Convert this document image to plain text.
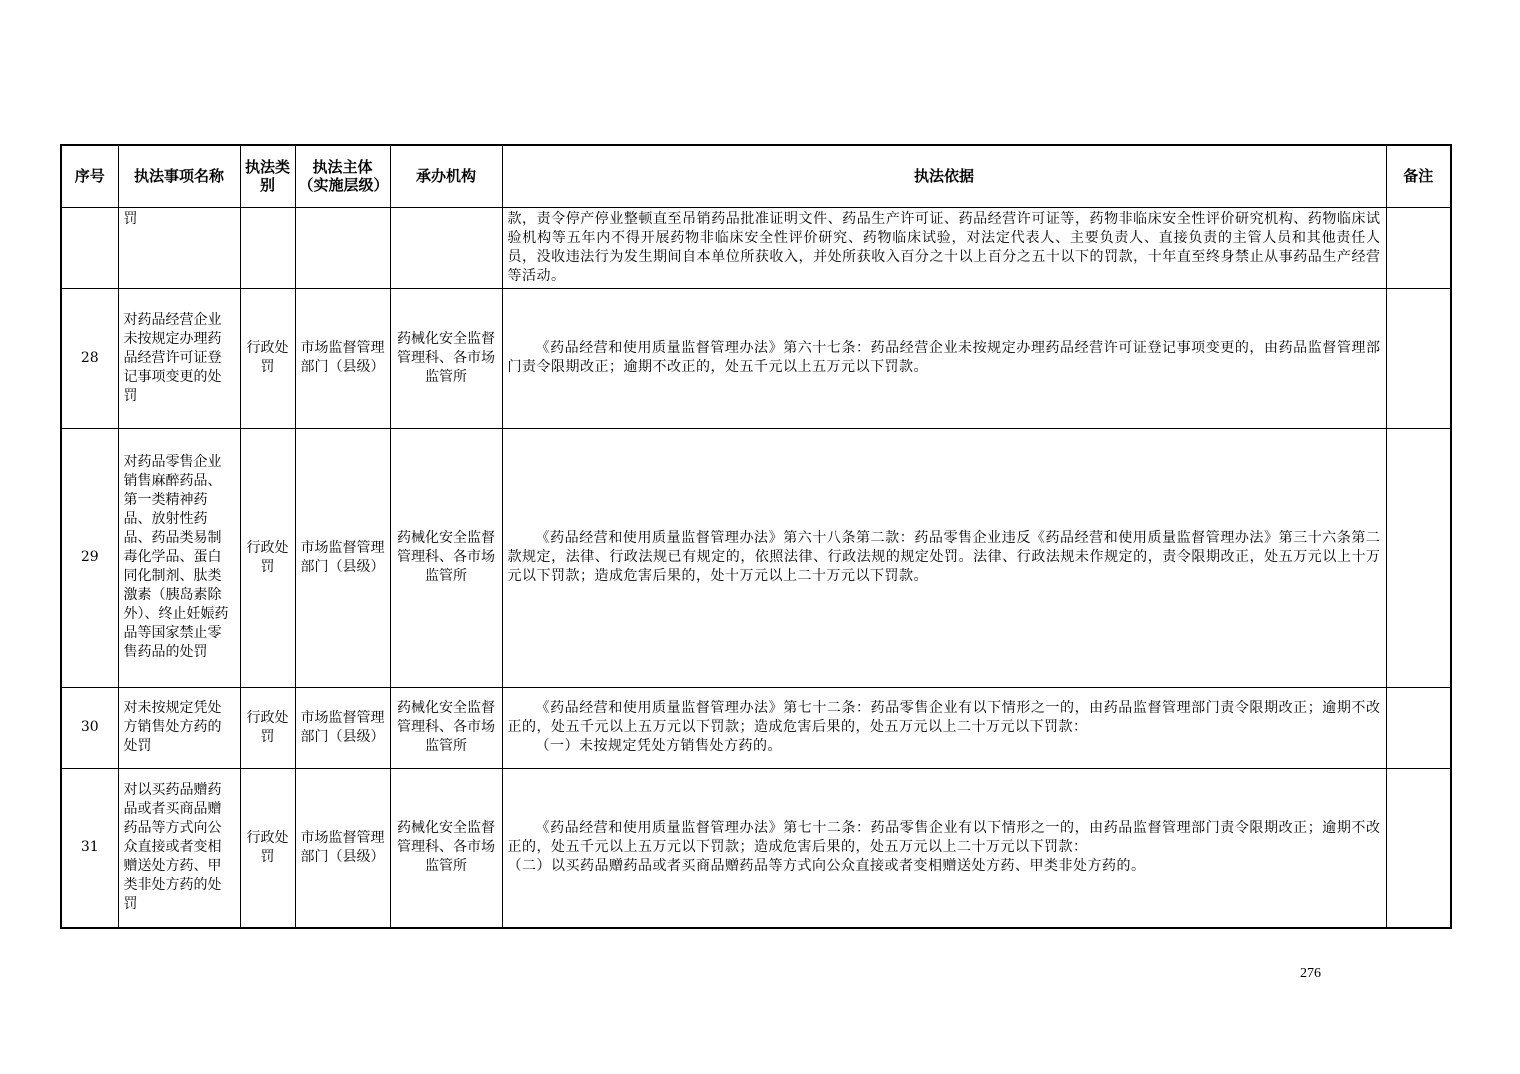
序号	执法事项名称	执法类别	执法主体（实施层级）	承办机构	执法依据	备注
	罚				款，责令停产停业整顿直至吊销药品批准证明文件、药品生产许可证、药品经营许可证等，药物非临床安全性评价研究机构、药物临床试验机构等五年内不得开展药物非临床安全性评价研究、药物临床试验，对法定代表人、主要负责人、直接负责的主管人员和其他责任人员，没收违法行为发生期间自本单位所获收入，并处所获收入百分之十以上百分之五十以下的罚款，十年直至终身禁止从事药品生产经营等活动。	
28	对药品经营企业未按规定办理药品经营许可证登记事项变更的处罚	行政处罚	市场监督管理部门（县级）	药械化安全监督管理科、各市场监管所	《药品经营和使用质量监督管理办法》第六十七条：药品经营企业未按规定办理药品经营许可证登记事项变更的，由药品监督管理部门责令限期改正；逾期不改正的，处五千元以上五万元以下罚款。	

29	对药品零售企业销售麻醉药品、第一类精神药品、放射性药品、药品类易制毒化学品、蛋白同化制剂、肽类激素（胰岛素除外）、终止妊娠药品等国家禁止零售药品的处罚	行政处罚	市场监督管理部门（县级）	药械化安全监督管理科、各市场监管所	《药品经营和使用质量监督管理办法》第六十八条第二款：药品零售企业违反《药品经营和使用质量监督管理办法》第三十六条第二款规定，法律、行政法规已有规定的，依照法律、行政法规的规定处罚。法律、行政法规未作规定的，责令限期改正，处五万元以上十万元以下罚款；造成危害后果的，处十万元以上二十万元以下罚款。	

30	对未按规定凭处方销售处方药的处罚	行政处罚	市场监督管理部门（县级）	药械化安全监督管理科、各市场监管所	《药品经营和使用质量监督管理办法》第七十二条：药品零售企业有以下情形之一的，由药品监督管理部门责令限期改正；逾期不改正的，处五千元以上五万元以下罚款；造成危害后果的，处五万元以上二十万元以下罚款：

（一）未按规定凭处方销售处方药的。	

31	对以买药品赠药品或者买商品赠药品等方式向公众直接或者变相赠送处方药、甲类非处方药的处罚	行政处罚	市场监督管理部门（县级）	药械化安全监督管理科、各市场监管所	《药品经营和使用质量监督管理办法》第七十二条：药品零售企业有以下情形之一的，由药品监督管理部门责令限期改正；逾期不改正的，处五千元以上五万元以下罚款；造成危害后果的，处五万元以上二十万元以下罚款：

（二）以买药品赠药品或者买商品赠药品等方式向公众直接或者变相赠送处方药、甲类非处方药的。	

276
